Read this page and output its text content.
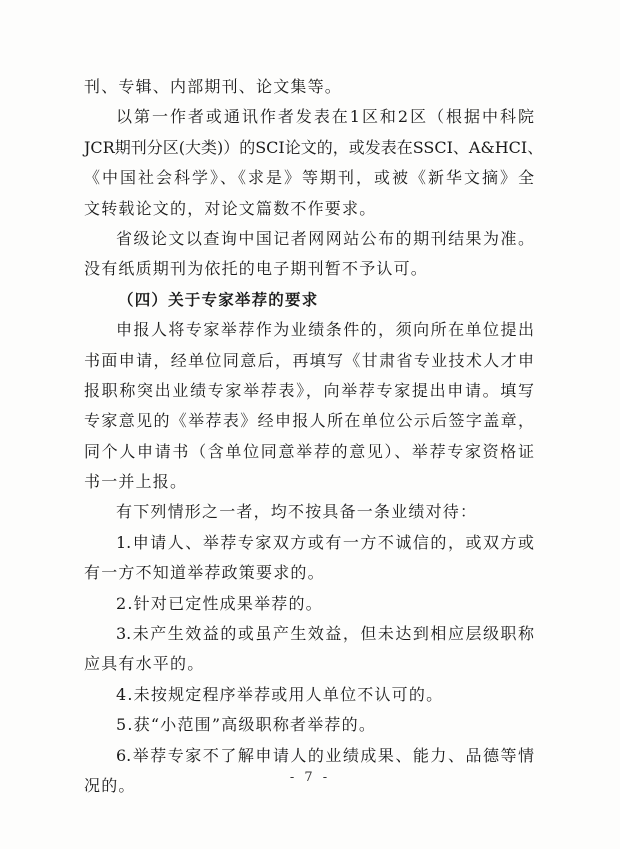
刊、专辑、内部期刊、论文集等。
以第一作者或通讯作者发表在1区和2区（根据中科院
JCR期刊分区(大类)）的SCI论文的，或发表在SSCI、A&HCI、
《中国社会科学》、《求是》等期刊，或被《新华文摘》全
文转载论文的，对论文篇数不作要求。
省级论文以查询中国记者网网站公布的期刊结果为准。
没有纸质期刊为依托的电子期刊暂不予认可。
（四）关于专家举荐的要求
申报人将专家举荐作为业绩条件的，须向所在单位提出
书面申请，经单位同意后，再填写《甘肃省专业技术人才申
报职称突出业绩专家举荐表》，向举荐专家提出申请。填写
专家意见的《举荐表》经申报人所在单位公示后签字盖章，
同个人申请书（含单位同意举荐的意见）、举荐专家资格证
书一并上报。
有下列情形之一者，均不按具备一条业绩对待：
1.申请人、举荐专家双方或有一方不诚信的，或双方或
有一方不知道举荐政策要求的。
2.针对已定性成果举荐的。
3.未产生效益的或虽产生效益，但未达到相应层级职称
应具有水平的。
4.未按规定程序举荐或用人单位不认可的。
5.获“小范围”高级职称者举荐的。
6.举荐专家不了解申请人的业绩成果、能力、品德等情
况的。	- 7 -
